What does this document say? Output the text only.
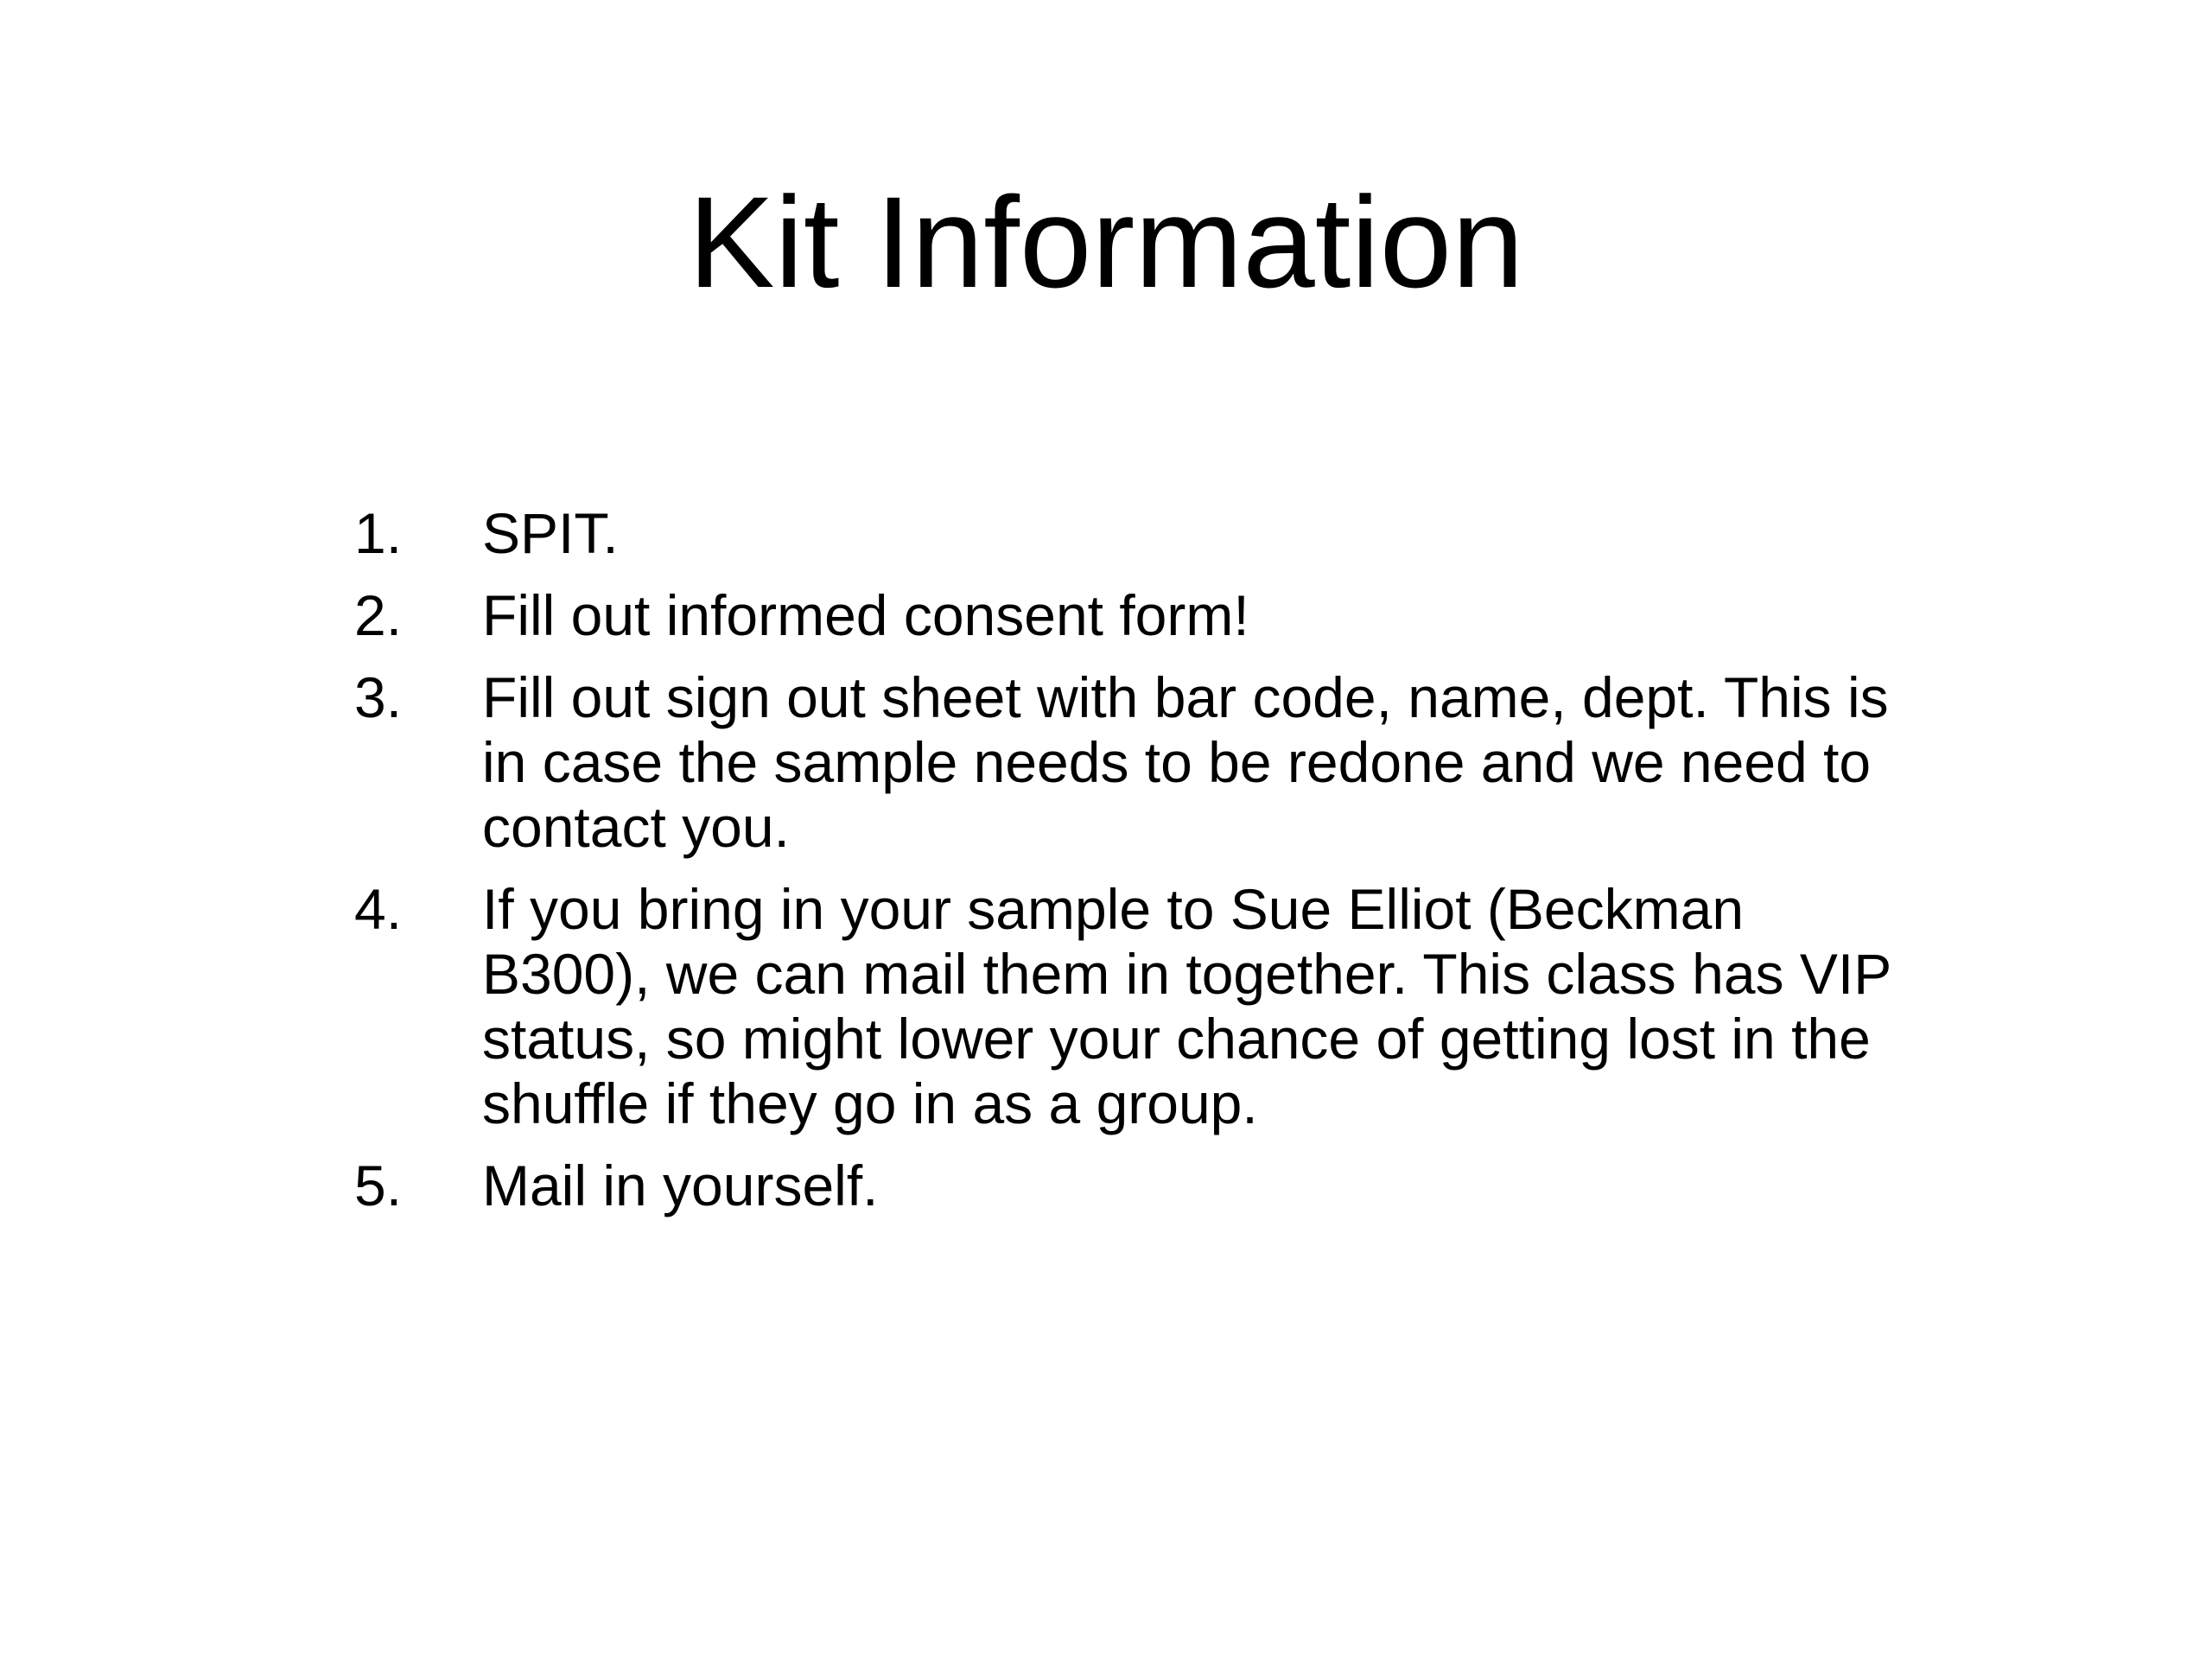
Kit Information
1.	SPIT.
2.	Fill out informed consent form!
3.	Fill out sign out sheet with bar code, name, dept. This is in case the sample needs to be redone and we need to contact you.
4.	If you bring in your sample to Sue Elliot (Beckman B300), we can mail them in together. This class has VIP status, so might lower your chance of getting lost in the shuffle if they go in as a group.
5.	Mail in yourself.
